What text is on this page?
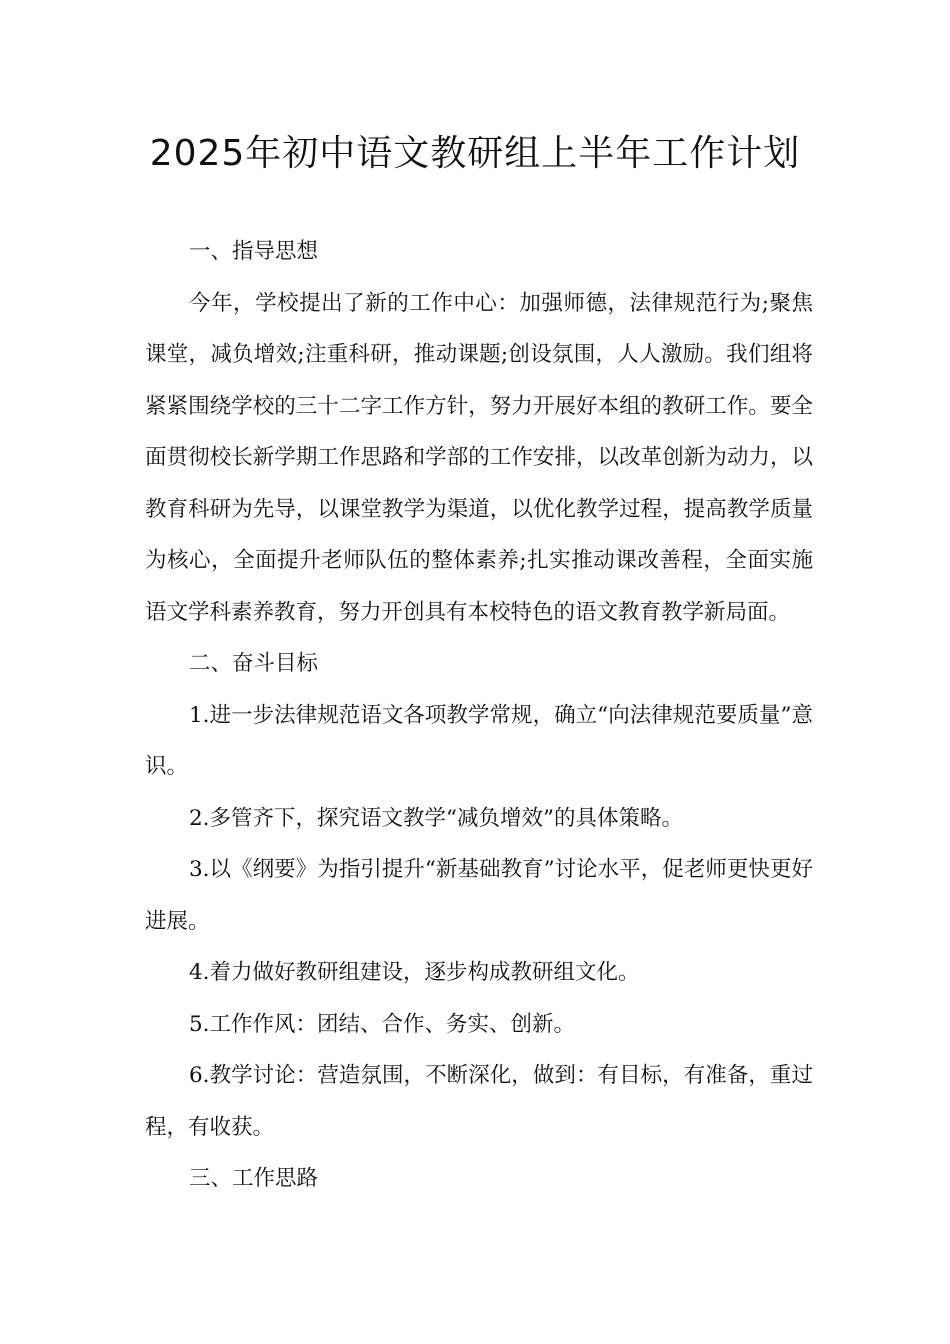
2025年初中语文教研组上半年工作计划

一、指导思想

今年，学校提出了新的工作中心：加强师德，法律规范行为;聚焦课堂，减负增效;注重科研，推动课题;创设氛围，人人激励。我们组将紧紧围绕学校的三十二字工作方针，努力开展好本组的教研工作。要全面贯彻校长新学期工作思路和学部的工作安排，以改革创新为动力，以教育科研为先导，以课堂教学为渠道，以优化教学过程，提高教学质量为核心，全面提升老师队伍的整体素养;扎实推动课改善程，全面实施语文学科素养教育，努力开创具有本校特色的语文教育教学新局面。

二、奋斗目标

1.进一步法律规范语文各项教学常规，确立“向法律规范要质量”意识。

2.多管齐下，探究语文教学“减负增效”的具体策略。

3.以《纲要》为指引提升“新基础教育”讨论水平，促老师更快更好进展。

4.着力做好教研组建设，逐步构成教研组文化。

5.工作作风：团结、合作、务实、创新。

6.教学讨论：营造氛围，不断深化，做到：有目标，有准备，重过程，有收获。

三、工作思路
